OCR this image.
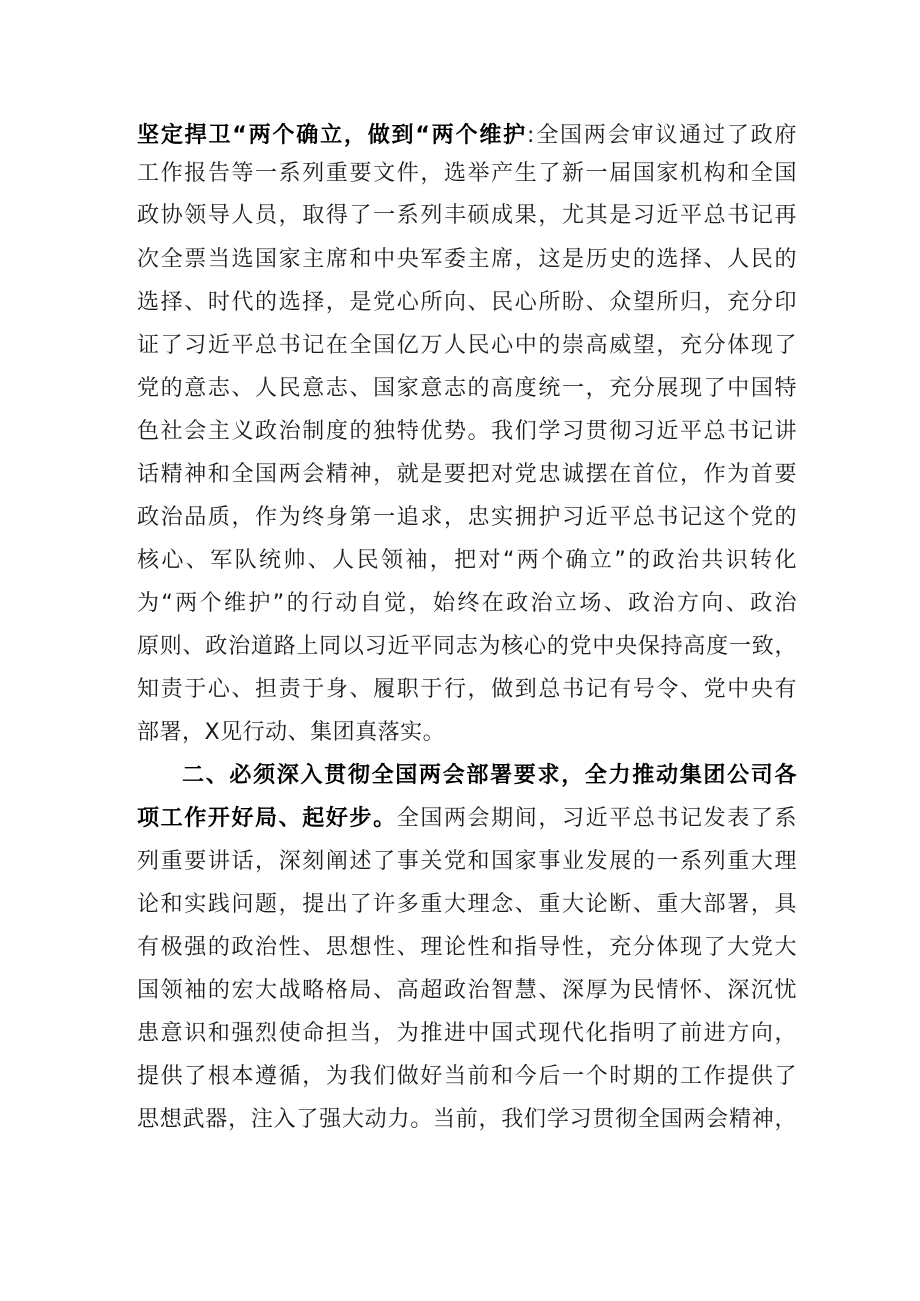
坚定捍卫“两个确立，做到“两个维护:全国两会审议通过了政府
工作报告等一系列重要文件，选举产生了新一届国家机构和全国
政协领导人员，取得了一系列丰硕成果，尤其是习近平总书记再
次全票当选国家主席和中央军委主席，这是历史的选择、人民的
选择、时代的选择，是党心所向、民心所盼、众望所归，充分印
证了习近平总书记在全国亿万人民心中的崇高威望，充分体现了
党的意志、人民意志、国家意志的高度统一，充分展现了中国特
色社会主义政治制度的独特优势。我们学习贯彻习近平总书记讲
话精神和全国两会精神，就是要把对党忠诚摆在首位，作为首要
政治品质，作为终身第一追求，忠实拥护习近平总书记这个党的
核心、军队统帅、人民领袖，把对“两个确立”的政治共识转化
为“两个维护”的行动自觉，始终在政治立场、政治方向、政治
原则、政治道路上同以习近平同志为核心的党中央保持高度一致，
知责于心、担责于身、履职于行，做到总书记有号令、党中央有
部署，X见行动、集团真落实。
二、必须深入贯彻全国两会部署要求，全力推动集团公司各
项工作开好局、起好步。全国两会期间，习近平总书记发表了系
列重要讲话，深刻阐述了事关党和国家事业发展的一系列重大理
论和实践问题，提出了许多重大理念、重大论断、重大部署，具
有极强的政治性、思想性、理论性和指导性，充分体现了大党大
国领袖的宏大战略格局、高超政治智慧、深厚为民情怀、深沉忧
患意识和强烈使命担当，为推进中国式现代化指明了前进方向，
提供了根本遵循，为我们做好当前和今后一个时期的工作提供了
思想武器，注入了强大动力。当前，我们学习贯彻全国两会精神，
